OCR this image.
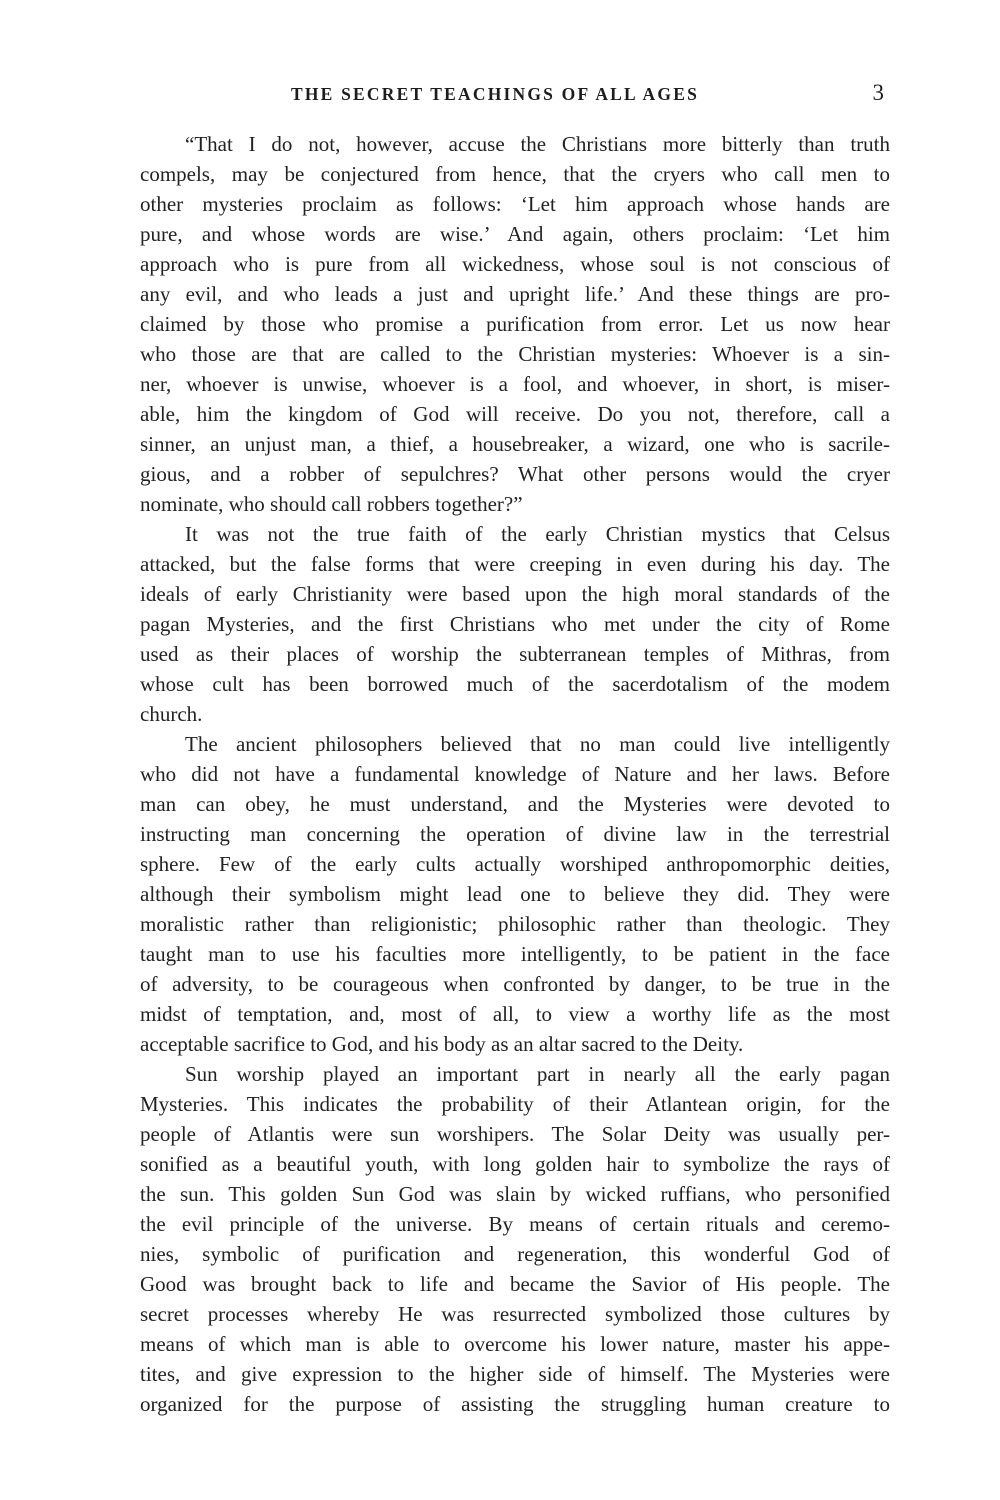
THE SECRET TEACHINGS OF ALL AGES	3
“That I do not, however, accuse the Christians more bitterly than truth
compels, may be conjectured from hence, that the cryers who call men to
other mysteries proclaim as follows: ‘Let him approach whose hands are
pure, and whose words are wise.’ And again, others proclaim: ‘Let him
approach who is pure from all wickedness, whose soul is not conscious of
any evil, and who leads a just and upright life.’ And these things are pro-
claimed by those who promise a purification from error. Let us now hear
who those are that are called to the Christian mysteries: Whoever is a sin-
ner, whoever is unwise, whoever is a fool, and whoever, in short, is miser-
able, him the kingdom of God will receive. Do you not, therefore, call a
sinner, an unjust man, a thief, a housebreaker, a wizard, one who is sacrile-
gious, and a robber of sepulchres? What other persons would the cryer
nominate, who should call robbers together?”
It was not the true faith of the early Christian mystics that Celsus
attacked, but the false forms that were creeping in even during his day. The
ideals of early Christianity were based upon the high moral standards of the
pagan Mysteries, and the first Christians who met under the city of Rome
used as their places of worship the subterranean temples of Mithras, from
whose cult has been borrowed much of the sacerdotalism of the modem
church.
The ancient philosophers believed that no man could live intelligently
who did not have a fundamental knowledge of Nature and her laws. Before
man can obey, he must understand, and the Mysteries were devoted to
instructing man concerning the operation of divine law in the terrestrial
sphere. Few of the early cults actually worshiped anthropomorphic deities,
although their symbolism might lead one to believe they did. They were
moralistic rather than religionistic; philosophic rather than theologic. They
taught man to use his faculties more intelligently, to be patient in the face
of adversity, to be courageous when confronted by danger, to be true in the
midst of temptation, and, most of all, to view a worthy life as the most
acceptable sacrifice to God, and his body as an altar sacred to the Deity.
Sun worship played an important part in nearly all the early pagan
Mysteries. This indicates the probability of their Atlantean origin, for the
people of Atlantis were sun worshipers. The Solar Deity was usually per-
sonified as a beautiful youth, with long golden hair to symbolize the rays of
the sun. This golden Sun God was slain by wicked ruffians, who personified
the evil principle of the universe. By means of certain rituals and ceremo-
nies, symbolic of purification and regeneration, this wonderful God of
Good was brought back to life and became the Savior of His people. The
secret processes whereby He was resurrected symbolized those cultures by
means of which man is able to overcome his lower nature, master his appe-
tites, and give expression to the higher side of himself. The Mysteries were
organized for the purpose of assisting the struggling human creature to
